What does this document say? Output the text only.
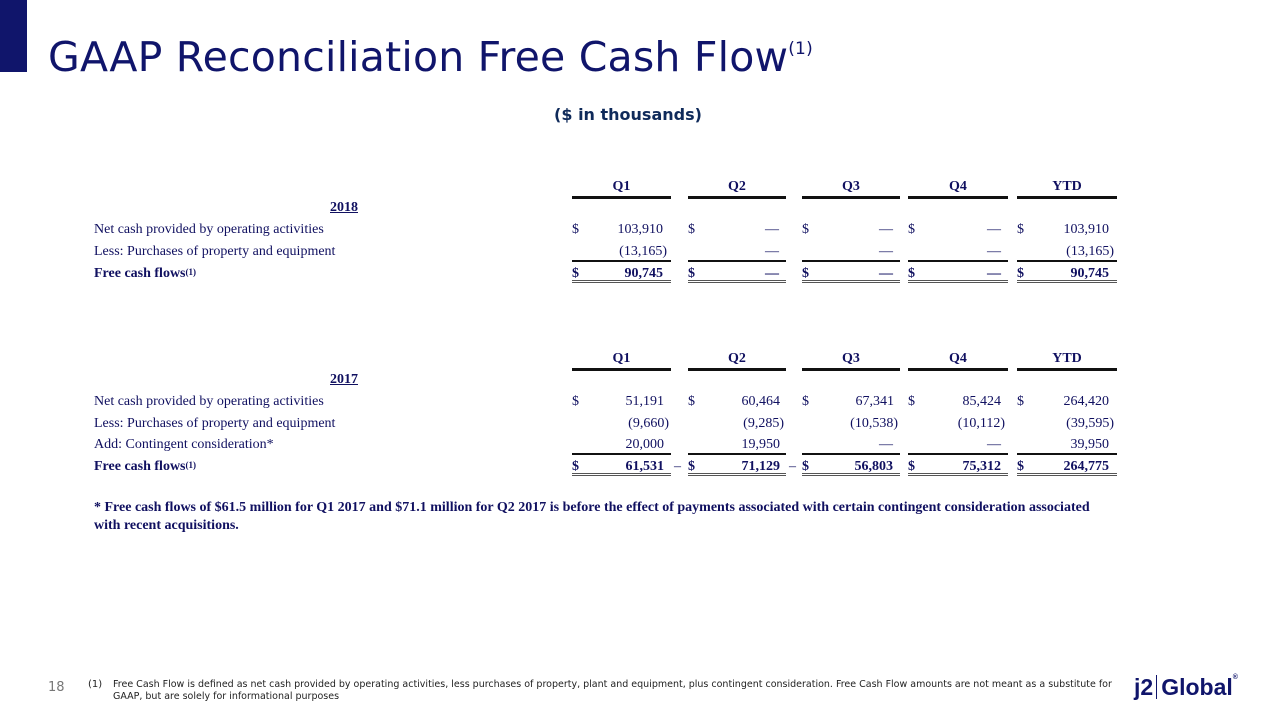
GAAP Reconciliation Free Cash Flow$^{(1)}$
($ in thousands)
Q1	Q2	Q3	Q4	YTD
2018
Net cash provided by operating activities	$	103,910 $	— $	— $	— $	103,910
Less: Purchases of property and equipment	(13,165)	—	—	—	(13,165)
Free cash flows$^{(1)}$	$	90,745 $	— $	— $	— $	90,745
Q1	Q2	Q3	Q4	YTD
2017
Net cash provided by operating activities	$	51,191 $	60,464 $	67,341 $	85,424 $	264,420
Less: Purchases of property and equipment	(9,660)	(9,285)	(10,538)	(10,112)	(39,595)
Add: Contingent consideration*	20,000	19,950	—	—	39,950
Free cash flows$^{(1)}$	$	61,531 – $	71,129 – $	56,803 $	75,312 $	264,775
* Free cash flows of $61.5 million for Q1 2017 and $71.1 million for Q2 2017 is before the effect of payments associated with certain contingent consideration associated with recent acquisitions.
18 (1) Free Cash Flow is defined as net cash provided by operating activities, less purchases of property, plant and equipment, plus contingent consideration. Free Cash Flow amounts are not meant as a substitute for GAAP, but are solely for informational purposes	j2 Global®
